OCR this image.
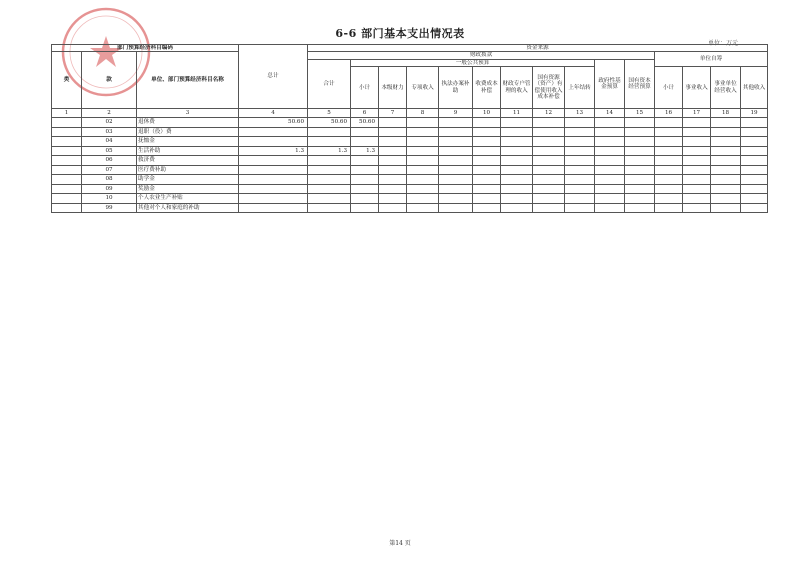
6-6 部门基本支出情况表
单位：万元
部门预算经济科目编码			总计	资金来源														
类	款	单位、部门预算经济科目名称		财政拨款											单位自筹			
				合计	一般公共预算								政府性基金预算	国有资本经营预算				
					小计	本级财力	专项收入	执法办案补助	收费成本补偿	财政专户管理的收入	国有资源（资产）有偿使用收入成本补偿	上年结转			小计	事业收入	事业单位经营收入	其他收入
1	2	3	4	5	6	7	8	9	10	11	12	13	14	15	16	17	18	19
	02	退休费	50.60	50.60	50.60													
	03	退职（役）费																
	04	抚恤金																
	05	生活补助	1.3	1.3	1.3													
	06	救济费																
	07	医疗费补助																
	08	助学金																
	09	奖励金																
	10	个人农业生产补贴																
	99	其他对个人和家庭的补助																
第14 页
